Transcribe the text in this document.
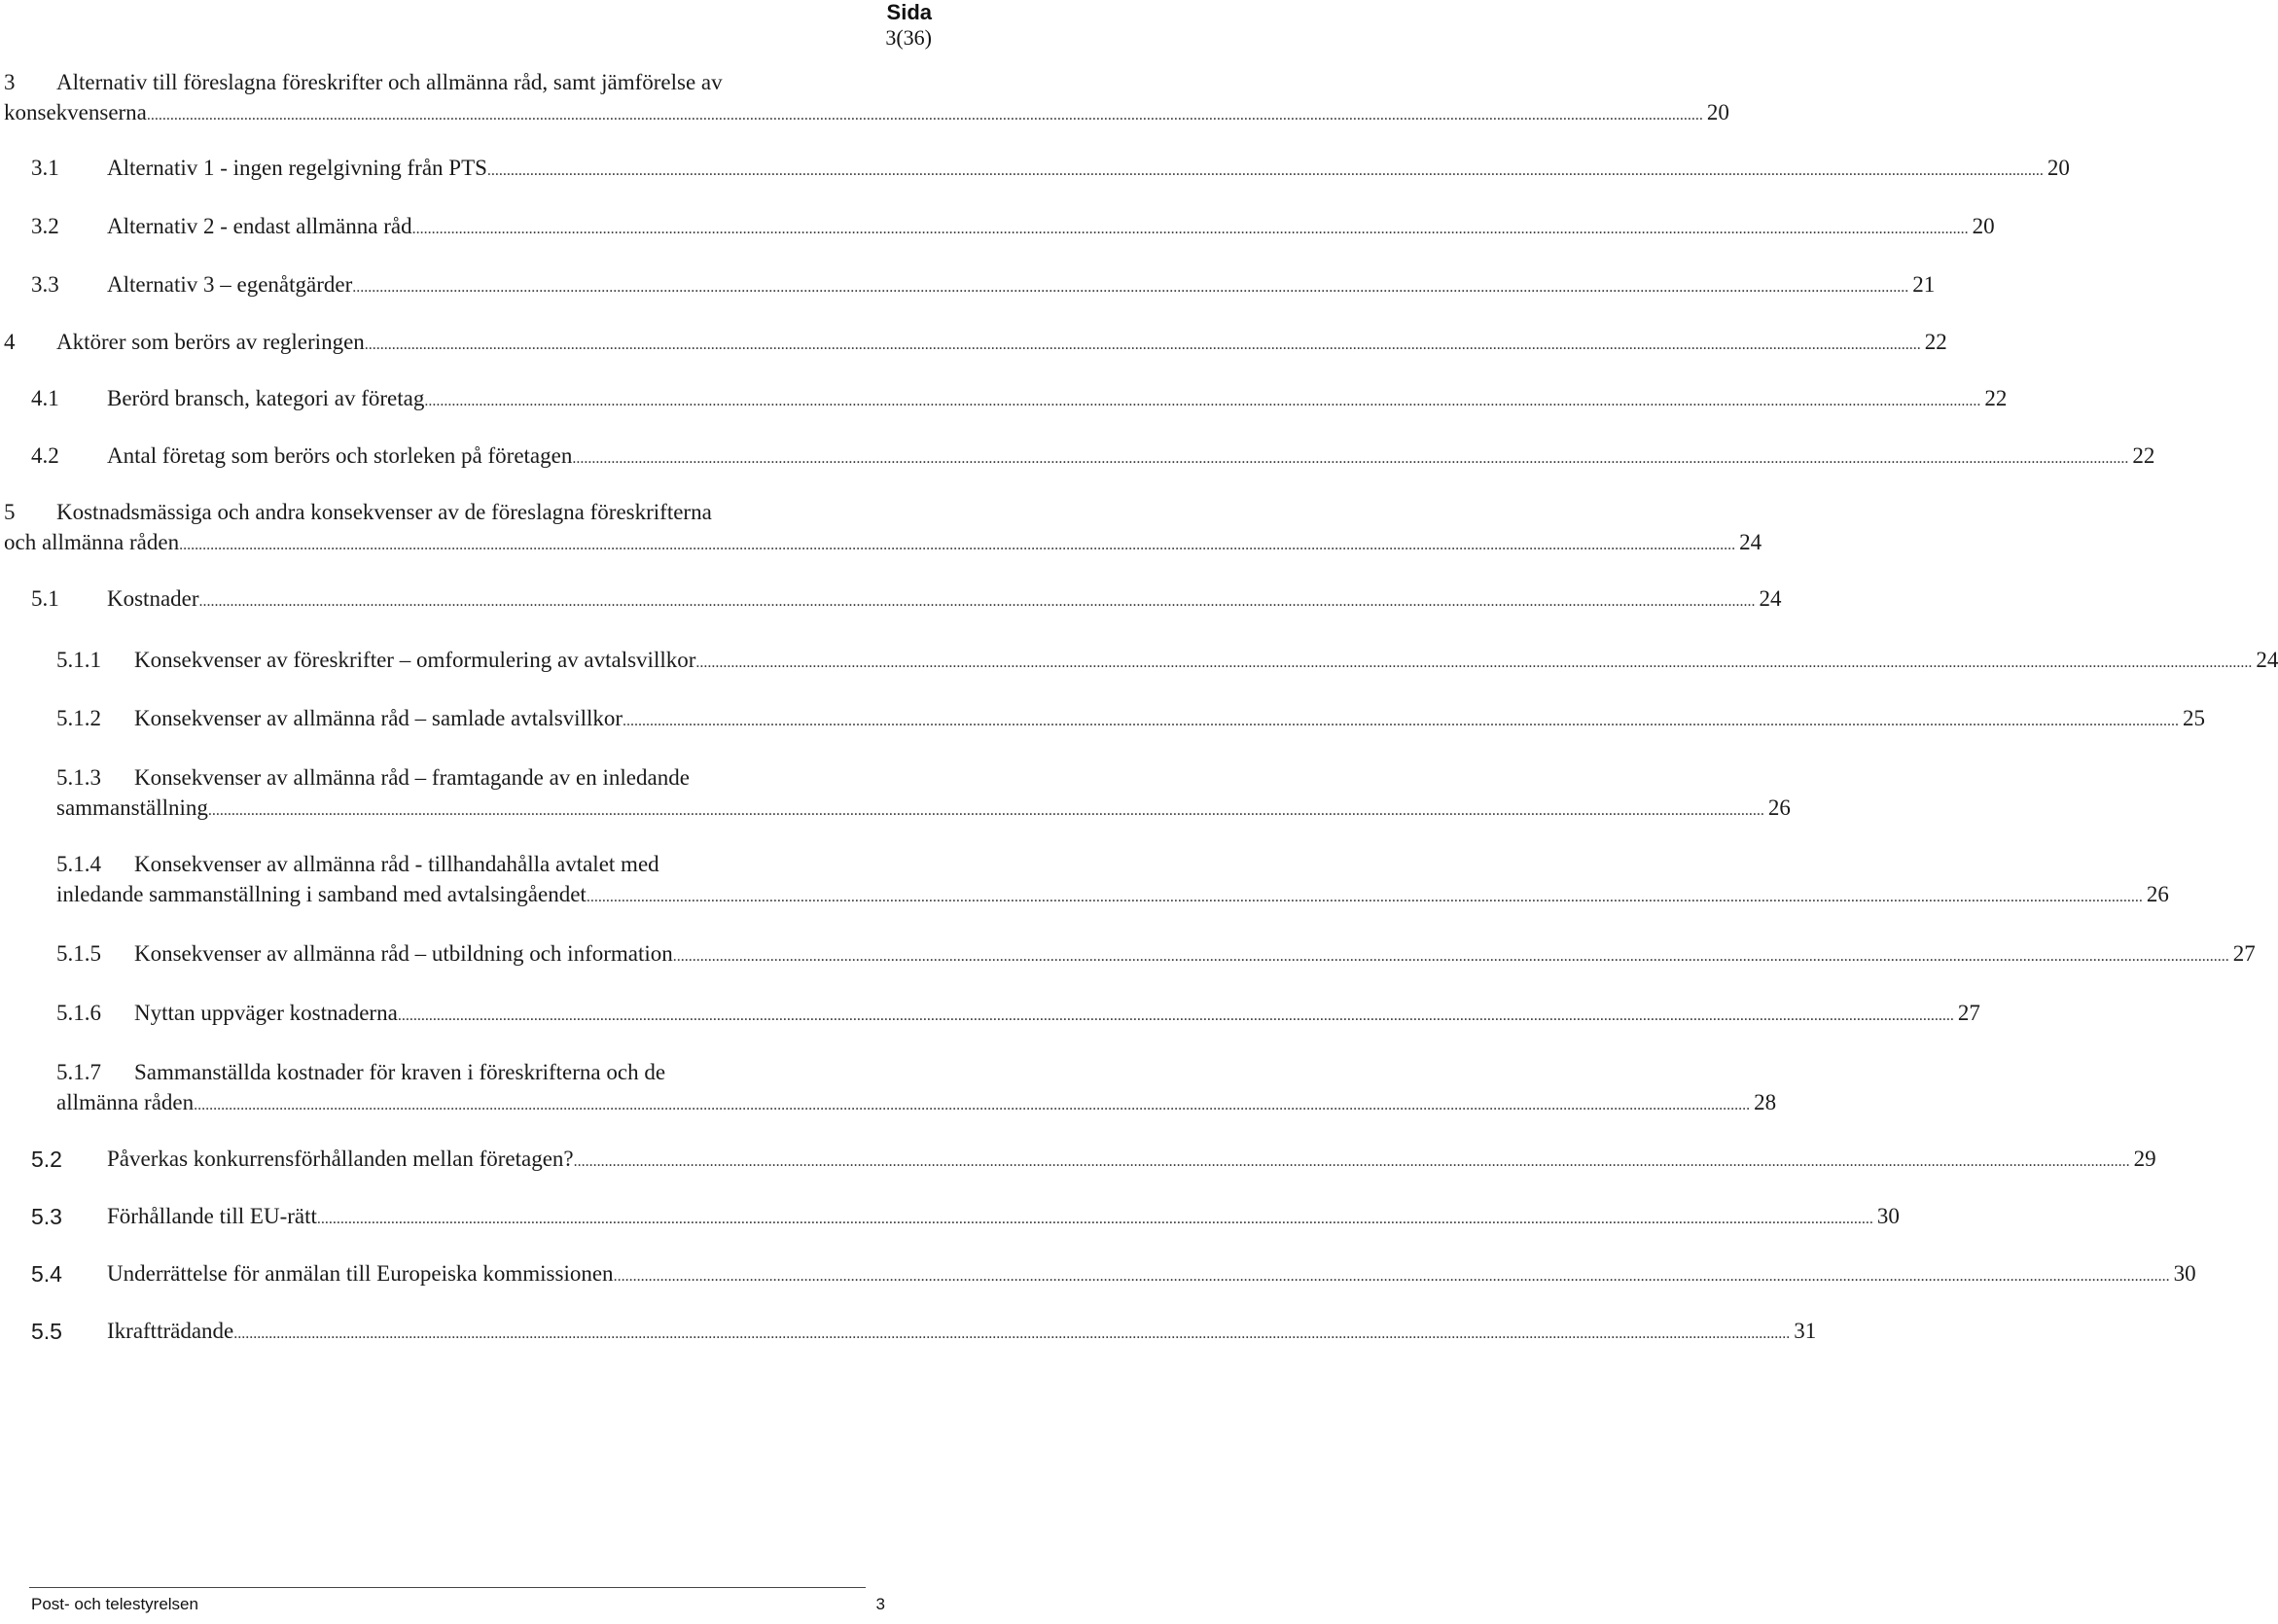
Sida
3(36)
3 Alternativ till föreslagna föreskrifter och allmänna råd, samt jämförelse av
konsekvenserna ................................................................................................................................................................................................................................................................................................................................................................................................................ 20
3.1 Alternativ 1 - ingen regelgivning från PTS ................................................................................................................................................................................................................................................................................................................................................................................................................ 20
3.2 Alternativ 2 - endast allmänna råd ................................................................................................................................................................................................................................................................................................................................................................................................................ 20
3.3 Alternativ 3 – egenåtgärder ................................................................................................................................................................................................................................................................................................................................................................................................................ 21
4 Aktörer som berörs av regleringen ................................................................................................................................................................................................................................................................................................................................................................................................................ 22
4.1 Berörd bransch, kategori av företag ................................................................................................................................................................................................................................................................................................................................................................................................................ 22
4.2 Antal företag som berörs och storleken på företagen ................................................................................................................................................................................................................................................................................................................................................................................................................ 22
5 Kostnadsmässiga och andra konsekvenser av de föreslagna föreskrifterna
och allmänna råden ................................................................................................................................................................................................................................................................................................................................................................................................................ 24
5.1 Kostnader ................................................................................................................................................................................................................................................................................................................................................................................................................ 24
5.1.1 Konsekvenser av föreskrifter – omformulering av avtalsvillkor ................................................................................................................................................................................................................................................................................................................................................................................................................ 24
5.1.2 Konsekvenser av allmänna råd – samlade avtalsvillkor ................................................................................................................................................................................................................................................................................................................................................................................................................ 25
5.1.3 Konsekvenser av allmänna råd – framtagande av en inledande
sammanställning ................................................................................................................................................................................................................................................................................................................................................................................................................ 26
5.1.4 Konsekvenser av allmänna råd - tillhandahålla avtalet med
inledande sammanställning i samband med avtalsingåendet ................................................................................................................................................................................................................................................................................................................................................................................................................ 26
5.1.5 Konsekvenser av allmänna råd – utbildning och information ................................................................................................................................................................................................................................................................................................................................................................................................................ 27
5.1.6 Nyttan uppväger kostnaderna ................................................................................................................................................................................................................................................................................................................................................................................................................ 27
5.1.7 Sammanställda kostnader för kraven i föreskrifterna och de
allmänna råden ................................................................................................................................................................................................................................................................................................................................................................................................................ 28
5.2 Påverkas konkurrensförhållanden mellan företagen? ................................................................................................................................................................................................................................................................................................................................................................................................................ 29
5.3 Förhållande till EU-rätt ................................................................................................................................................................................................................................................................................................................................................................................................................ 30
5.4 Underrättelse för anmälan till Europeiska kommissionen ................................................................................................................................................................................................................................................................................................................................................................................................................ 30
5.5 Ikraftträdande ................................................................................................................................................................................................................................................................................................................................................................................................................ 31
Post- och telestyrelsen	3
